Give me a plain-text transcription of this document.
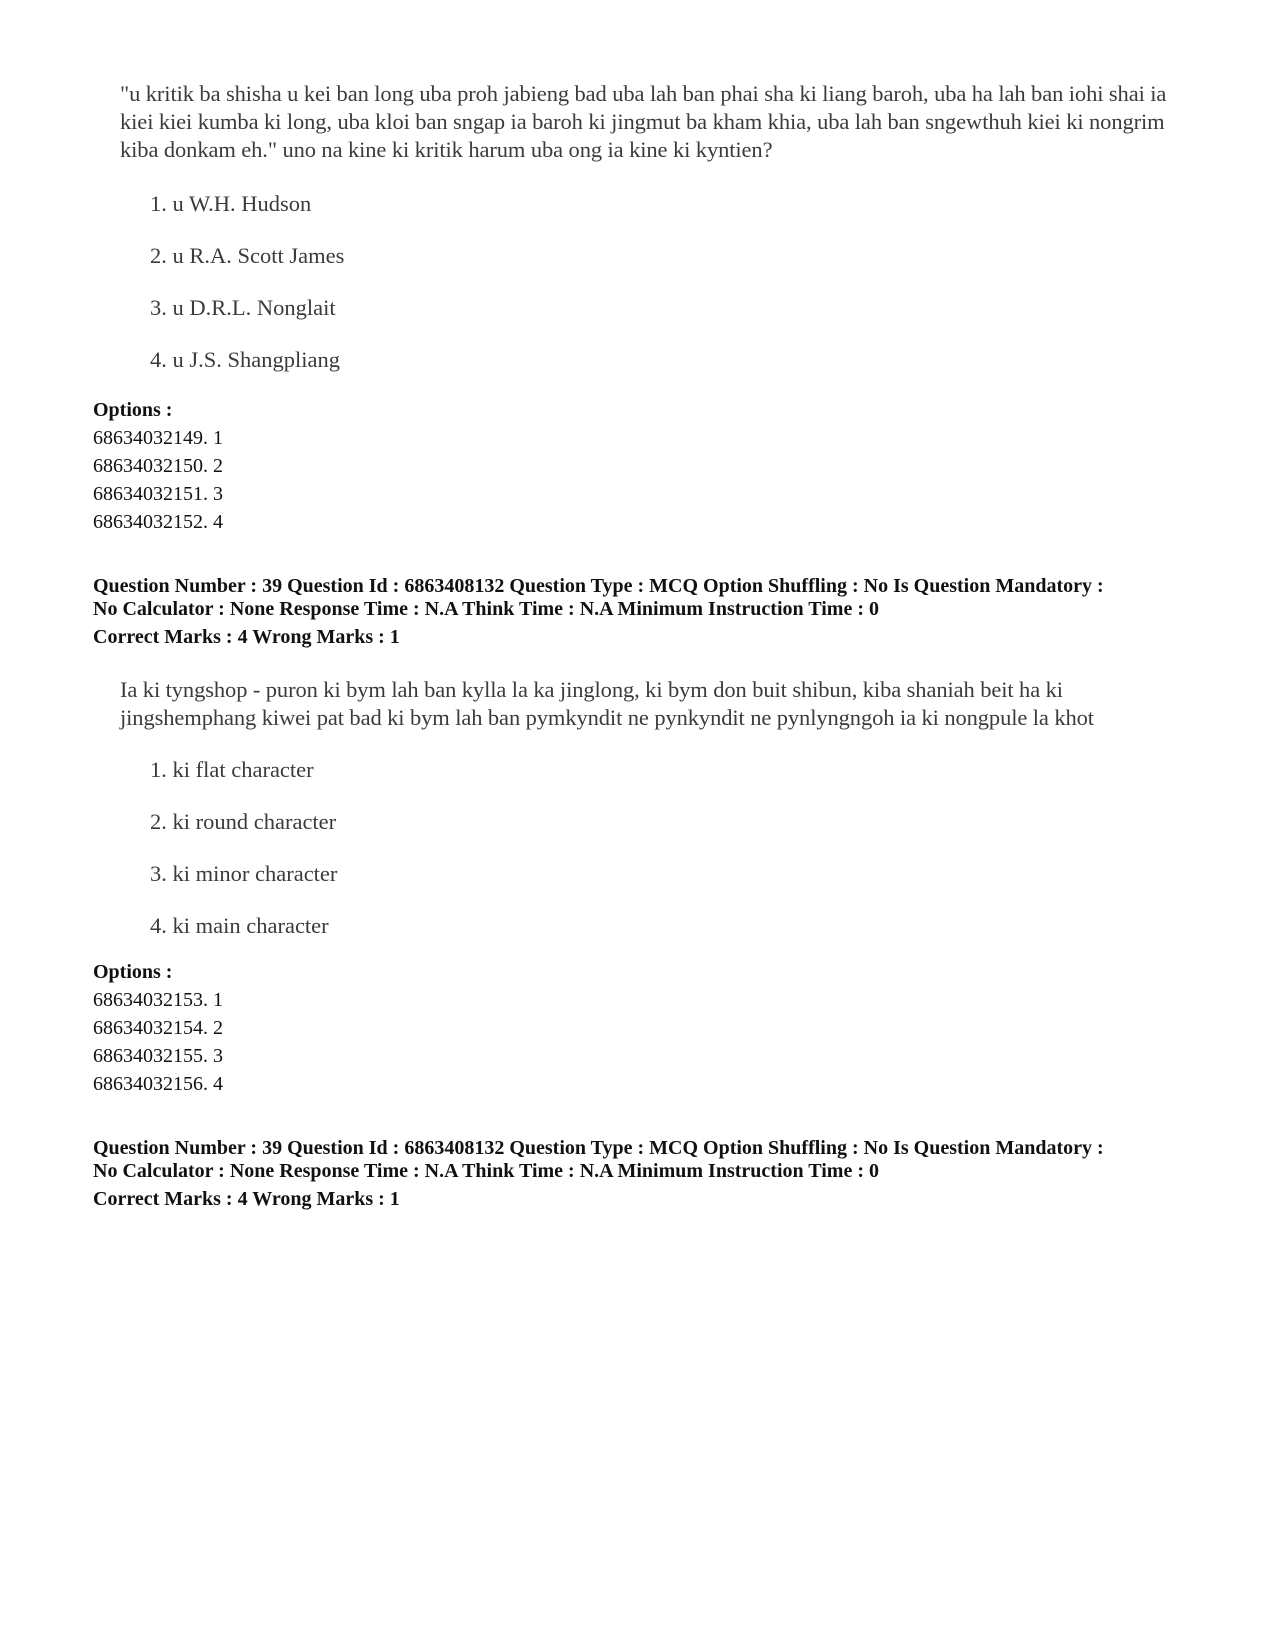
"u kritik ba shisha u kei ban long uba proh jabieng bad uba lah ban phai sha ki liang baroh, uba ha lah ban iohi shai ia kiei kiei kumba ki long, uba kloi ban sngap ia baroh ki jingmut ba kham khia, uba lah ban sngewthuh kiei ki nongrim kiba donkam eh." uno na kine ki kritik harum uba ong ia kine ki kyntien?
1. u W.H. Hudson
2. u R.A. Scott James
3. u D.R.L. Nonglait
4. u J.S. Shangpliang
Options :
68634032149. 1
68634032150. 2
68634032151. 3
68634032152. 4
Question Number : 39 Question Id : 6863408132 Question Type : MCQ Option Shuffling : No Is Question Mandatory :
No Calculator : None Response Time : N.A Think Time : N.A Minimum Instruction Time : 0
Correct Marks : 4 Wrong Marks : 1
Ia ki tyngshop - puron ki bym lah ban kylla la ka jinglong, ki bym don buit shibun, kiba shaniah beit ha ki jingshemphang kiwei pat bad ki bym lah ban pymkyndit ne pynkyndit ne pynlyngngoh ia ki nongpule la khot
1. ki flat character
2. ki round character
3. ki minor character
4. ki main character
Options :
68634032153. 1
68634032154. 2
68634032155. 3
68634032156. 4
Question Number : 39 Question Id : 6863408132 Question Type : MCQ Option Shuffling : No Is Question Mandatory :
No Calculator : None Response Time : N.A Think Time : N.A Minimum Instruction Time : 0
Correct Marks : 4 Wrong Marks : 1
